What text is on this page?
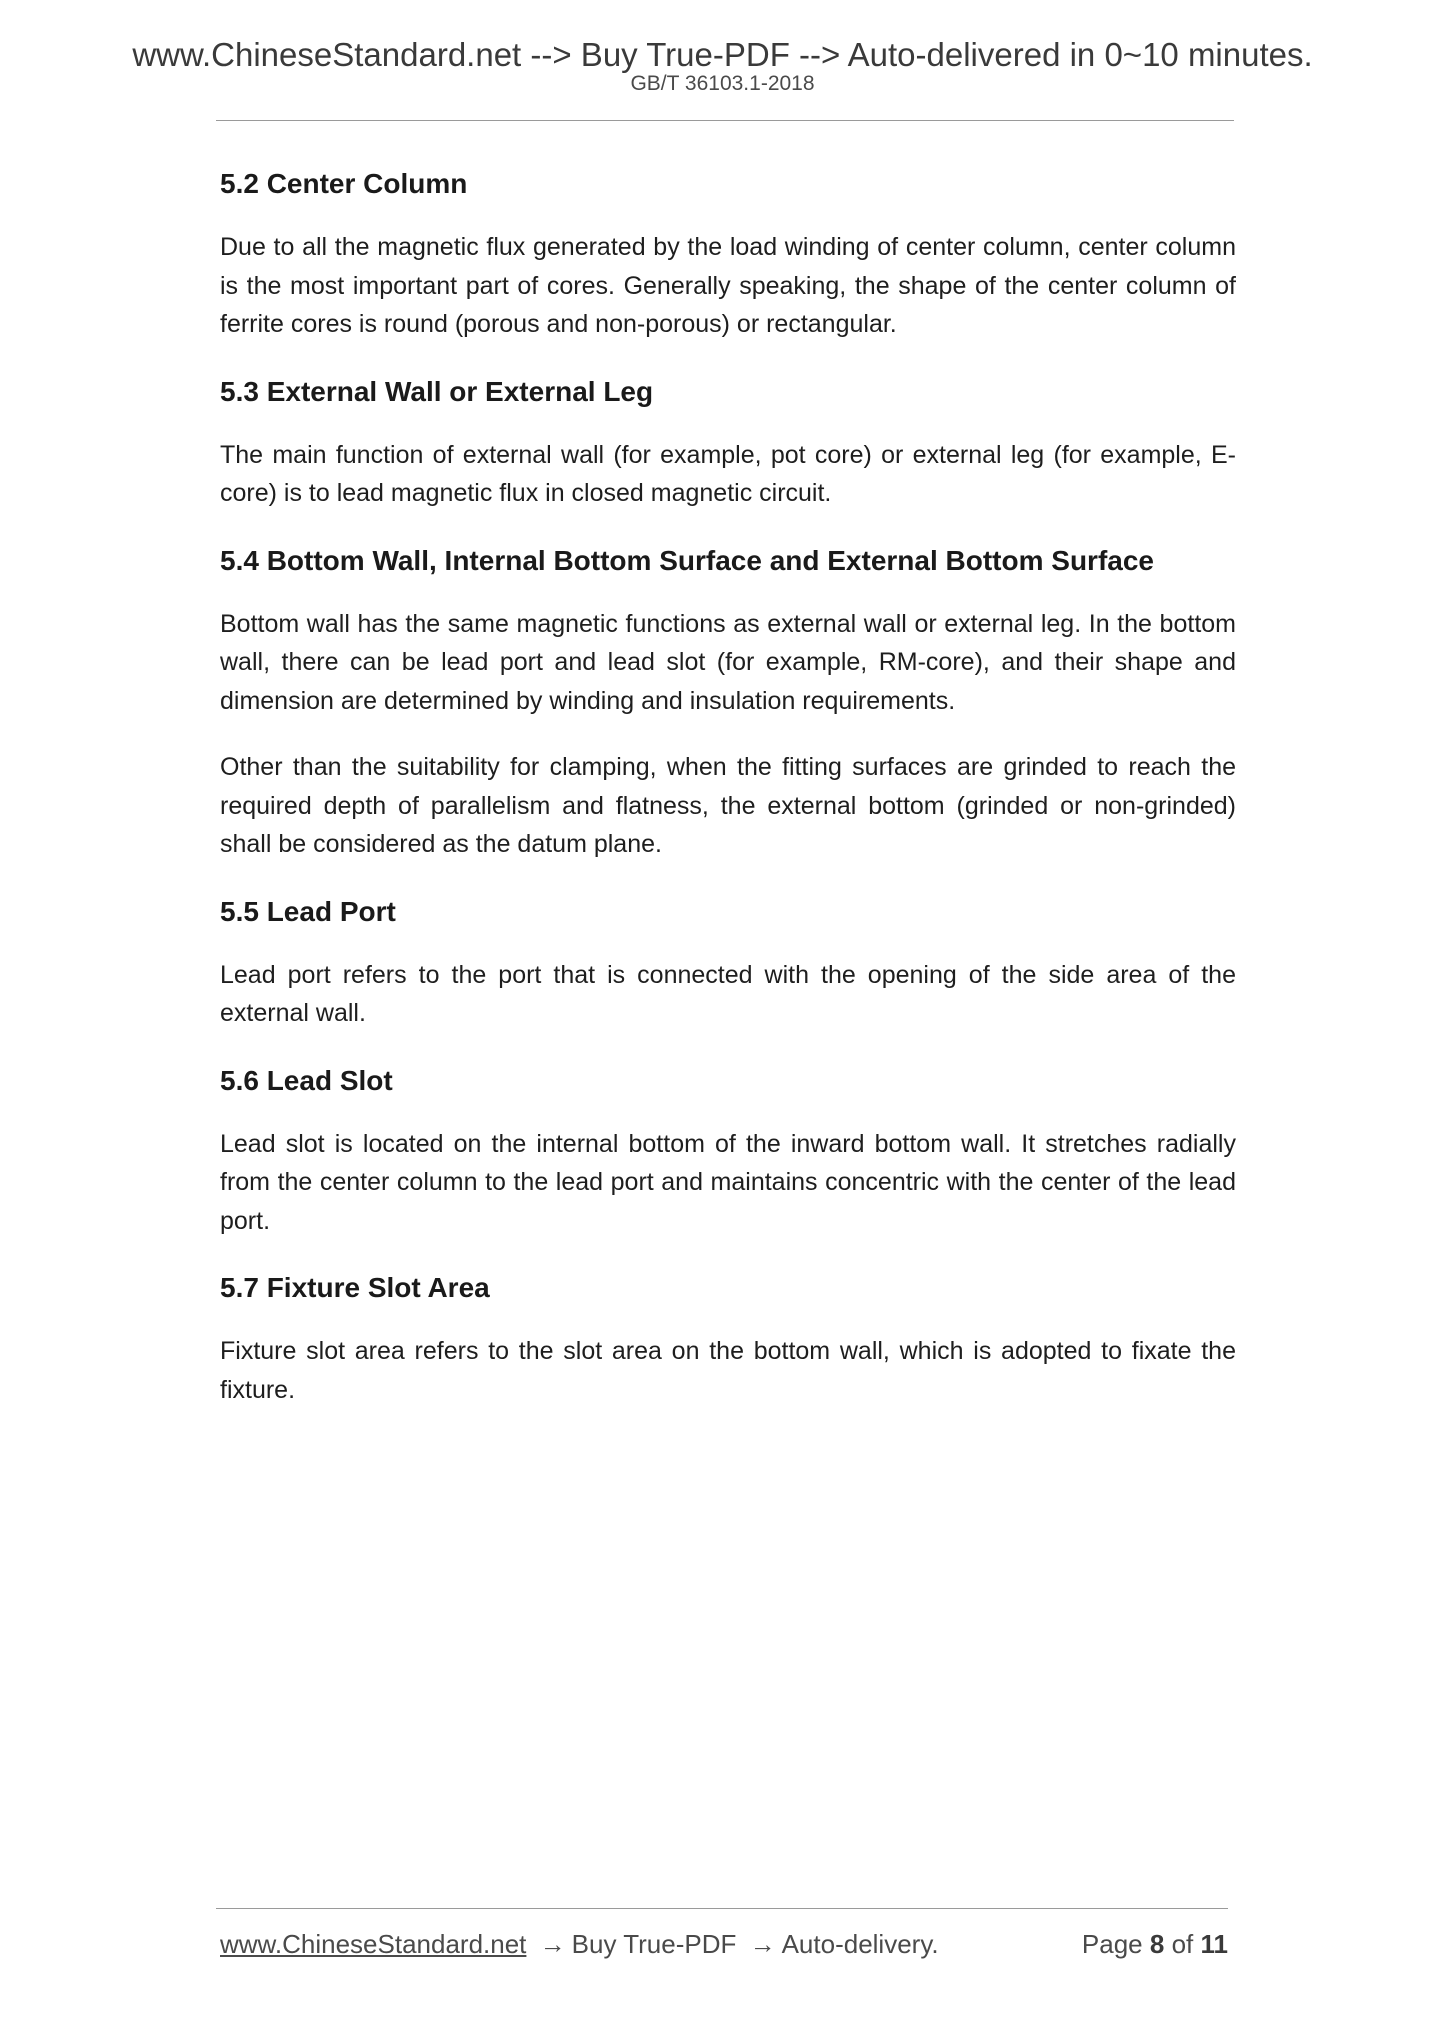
www.ChineseStandard.net --> Buy True-PDF --> Auto-delivered in 0~10 minutes.
GB/T 36103.1-2018
5.2 Center Column

Due to all the magnetic flux generated by the load winding of center column, center column is the most important part of cores. Generally speaking, the shape of the center column of ferrite cores is round (porous and non-porous) or rectangular.

5.3 External Wall or External Leg

The main function of external wall (for example, pot core) or external leg (for example, E-core) is to lead magnetic flux in closed magnetic circuit.

5.4 Bottom Wall, Internal Bottom Surface and External Bottom Surface

Bottom wall has the same magnetic functions as external wall or external leg. In the bottom wall, there can be lead port and lead slot (for example, RM-core), and their shape and dimension are determined by winding and insulation requirements.

Other than the suitability for clamping, when the fitting surfaces are grinded to reach the required depth of parallelism and flatness, the external bottom (grinded or non-grinded) shall be considered as the datum plane.

5.5 Lead Port

Lead port refers to the port that is connected with the opening of the side area of the external wall.

5.6 Lead Slot

Lead slot is located on the internal bottom of the inward bottom wall. It stretches radially from the center column to the lead port and maintains concentric with the center of the lead port.

5.7 Fixture Slot Area

Fixture slot area refers to the slot area on the bottom wall, which is adopted to fixate the fixture.

www.ChineseStandard.net → Buy True-PDF → Auto-delivery.	Page 8 of 11
